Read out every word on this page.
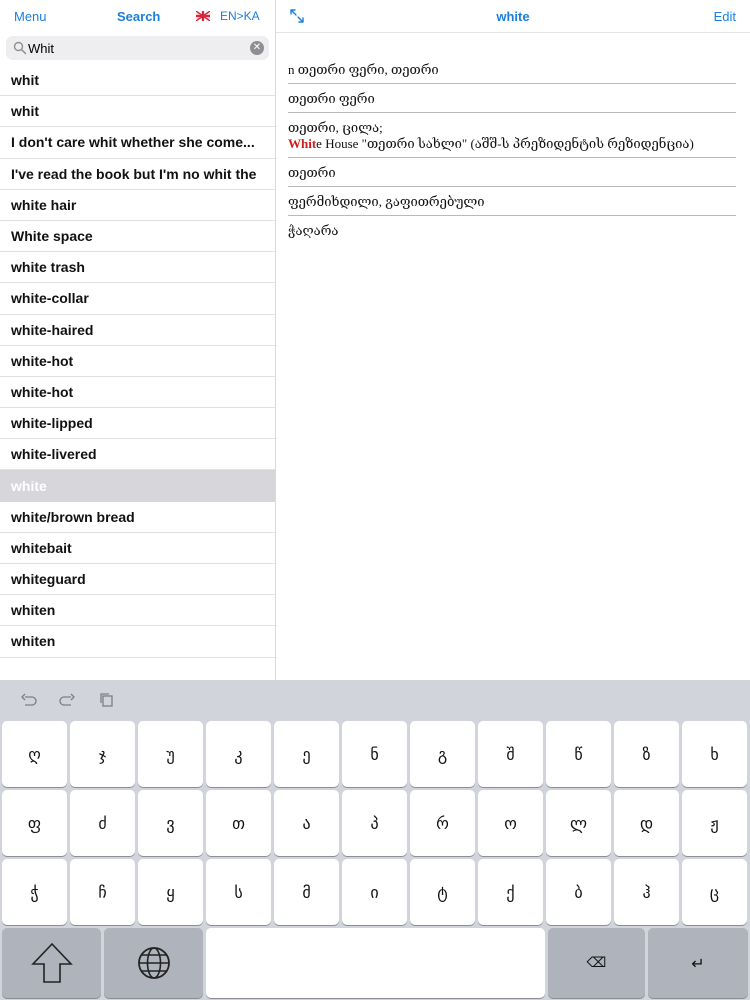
Menu	Search	EN>KA
Whit
✕
whit
whit
I don't care whit whether she come...
I've read the book but I'm no whit the
white hair
White space
white trash
white-collar
white-haired
white-hot
white-hot
white-lipped
white-livered
white
white/brown bread
whitebait
whiteguard
whiten
whiten
white	Edit
n თეთრი ფერი, თეთრი
თეთრი ფერი
თეთრი, ცილა;
White House "თეთრი სახლი" (აშშ-ს პრეზიდენტის რეზიდენცია)
თეთრი
ფერმიხდილი, გაფითრებული
ჭაღარა
ღ	ჯ	უ	კ	ე	ნ	გ	შ	წ	ზ	ხ
ფ	ძ	ვ	თ	ა	პ	რ	ო	ლ	დ	ჟ
ჭ	ჩ	ყ	ს	მ	ი	ტ	ქ	ბ	ჰ	ც
⌫	↵
